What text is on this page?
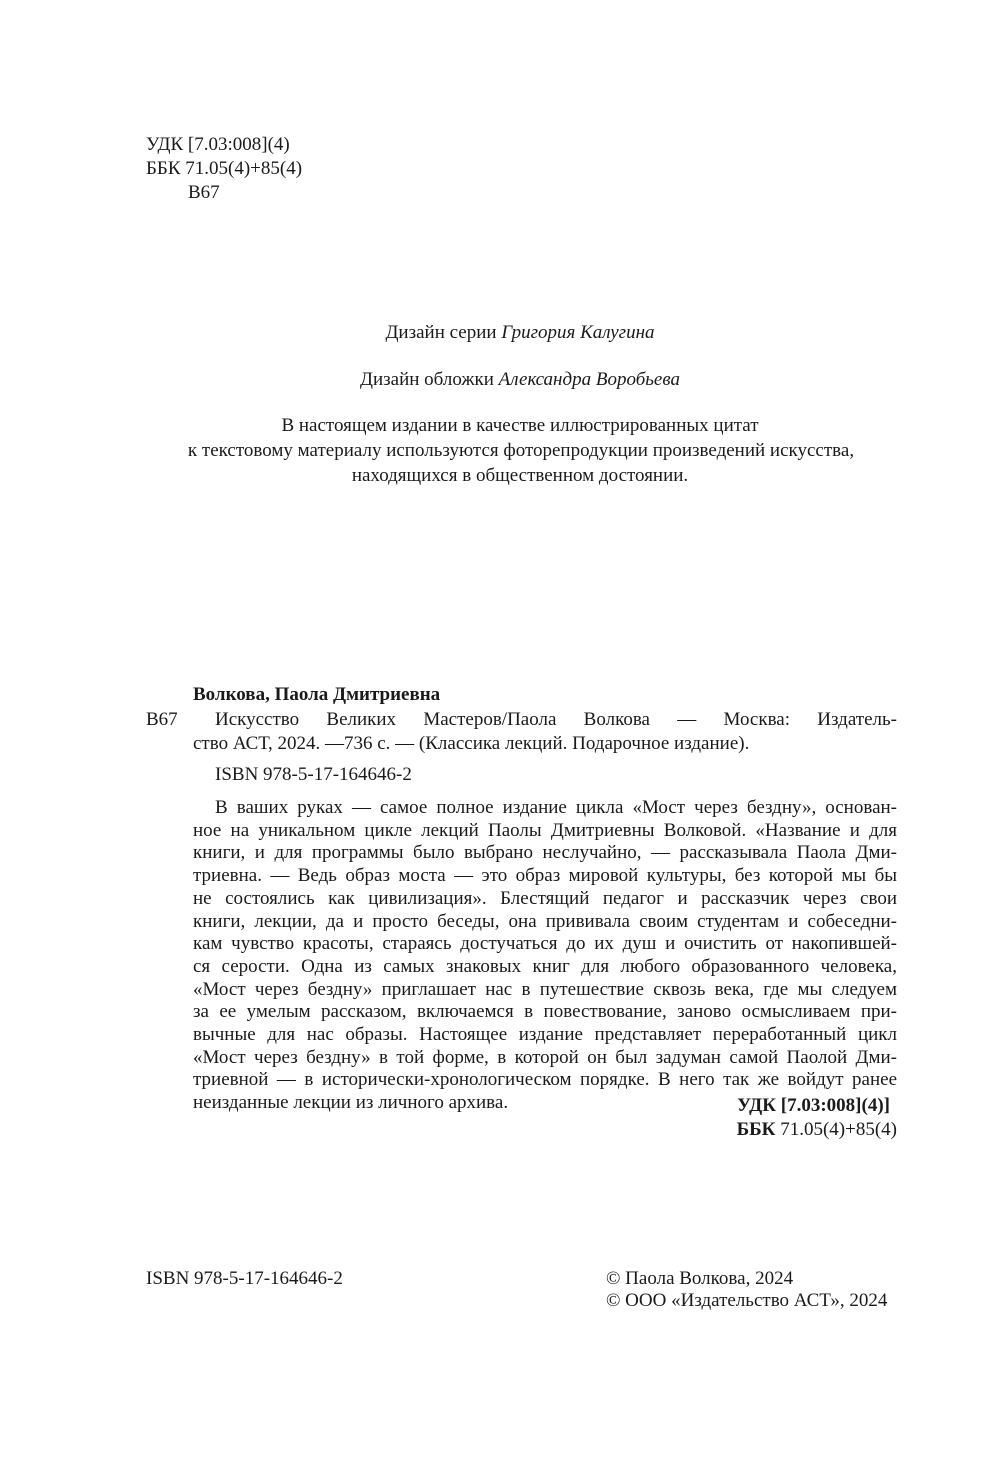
УДК [7.03:008](4)
ББК 71.05(4)+85(4)
В67
Дизайн серии Григория Калугина
Дизайн обложки Александра Воробьева
В настоящем издании в качестве иллюстрированных цитат
к текстовому материалу используются фоторепродукции произведений искусства,
находящихся в общественном достоянии.
Волкова, Паола Дмитриевна
В67	Искусство Великих Мастеров/Паола Волкова — Москва: Издатель-
ство АСТ, 2024. —736 с. — (Классика лекций. Подарочное издание).
ISBN 978-5-17-164646-2
В ваших руках — самое полное издание цикла «Мост через бездну», основан-
ное на уникальном цикле лекций Паолы Дмитриевны Волковой. «Название и для
книги, и для программы было выбрано неслучайно, — рассказывала Паола Дми-
триевна. — Ведь образ моста — это образ мировой культуры, без которой мы бы
не состоялись как цивилизация». Блестящий педагог и рассказчик через свои
книги, лекции, да и просто беседы, она прививала своим студентам и собеседни-
кам чувство красоты, стараясь достучаться до их душ и очистить от накопившей-
ся серости. Одна из самых знаковых книг для любого образованного человека,
«Мост через бездну» приглашает нас в путешествие сквозь века, где мы следуем
за ее умелым рассказом, включаемся в повествование, заново осмысливаем при-
вычные для нас образы. Настоящее издание представляет переработанный цикл
«Мост через бездну» в той форме, в которой он был задуман самой Паолой Дми-
триевной — в исторически-хронологическом порядке. В него так же войдут ранее
неизданные лекции из личного архива.	УДК [7.03:008](4)]
ББК 71.05(4)+85(4)
ISBN 978-5-17-164646-2	© Паола Волкова, 2024
© ООО «Издательство АСТ», 2024
